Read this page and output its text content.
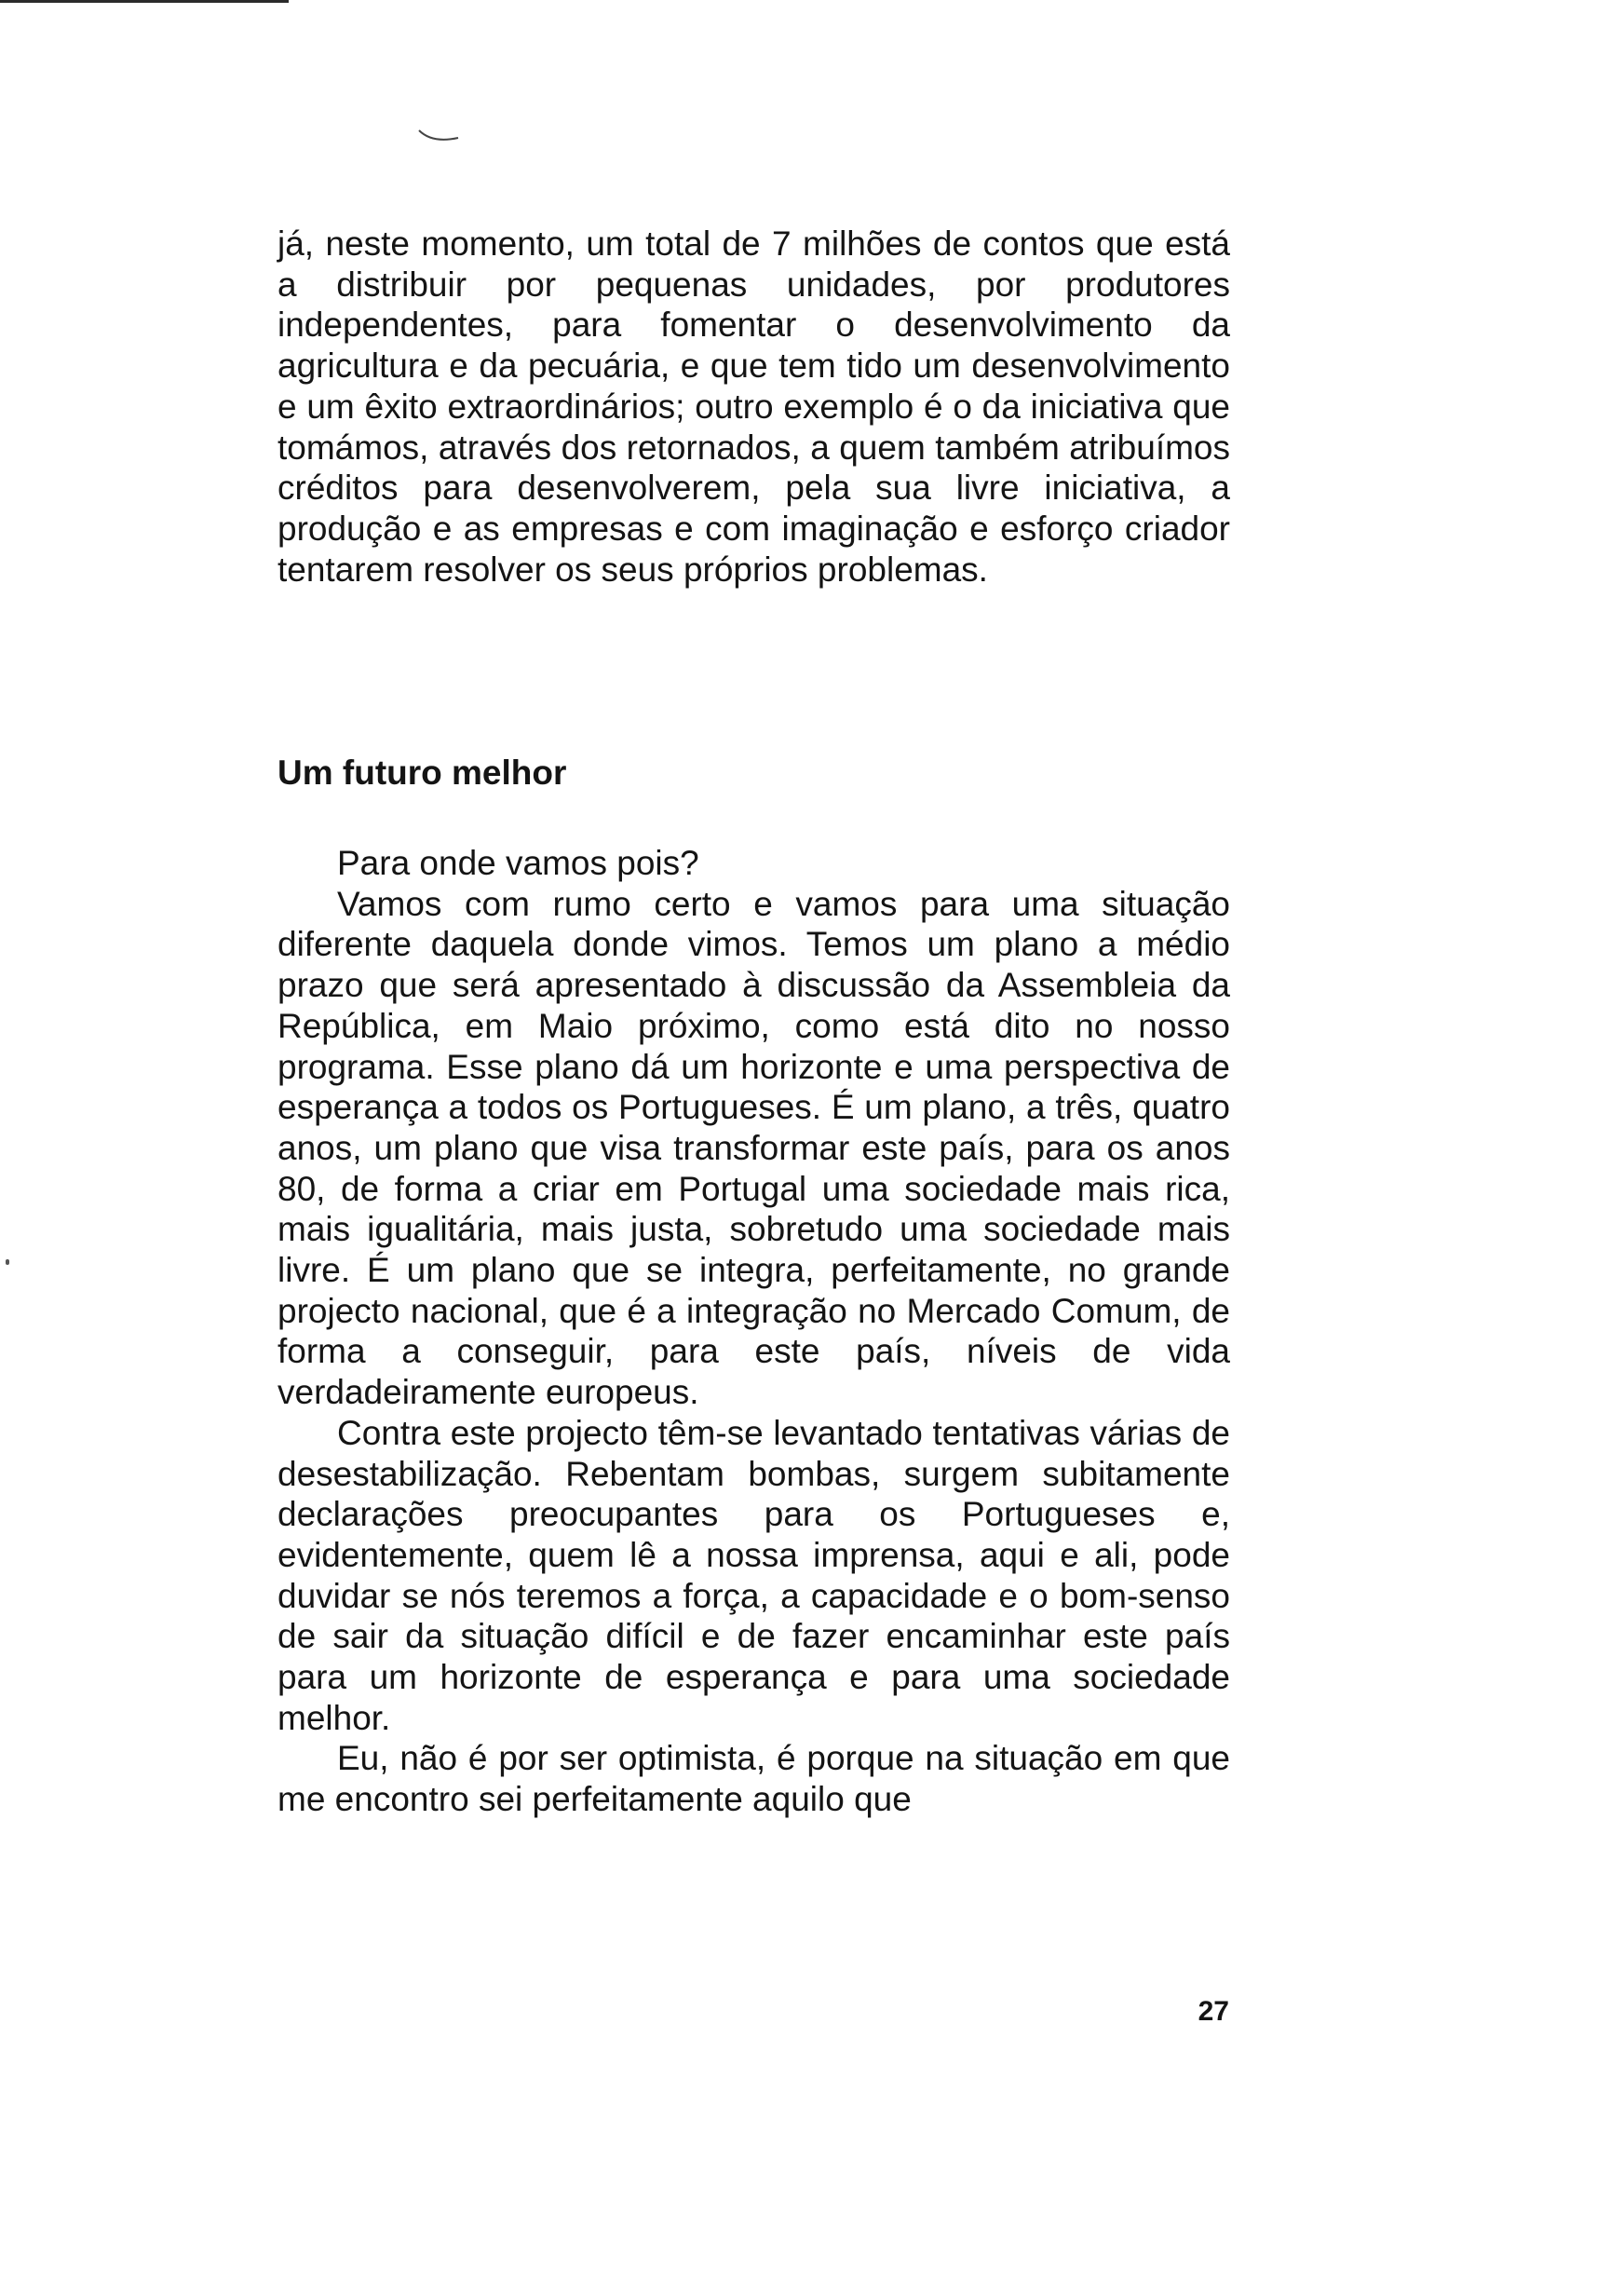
já, neste momento, um total de 7 milhões de contos que está a distribuir por pequenas unidades, por produtores independentes, para fomentar o desenvolvimento da agricultura e da pecuária, e que tem tido um desenvolvimento e um êxito extraordinários; outro exemplo é o da iniciativa que tomámos, através dos retornados, a quem também atribuímos créditos para desenvolverem, pela sua livre iniciativa, a produção e as empresas e com imaginação e esforço criador tentarem resolver os seus próprios problemas.

Um futuro melhor

Para onde vamos pois?

Vamos com rumo certo e vamos para uma situação diferente daquela donde vimos. Temos um plano a médio prazo que será apresentado à discussão da Assembleia da República, em Maio próximo, como está dito no nosso programa. Esse plano dá um horizonte e uma perspectiva de esperança a todos os Portugueses. É um plano, a três, quatro anos, um plano que visa transformar este país, para os anos 80, de forma a criar em Portugal uma sociedade mais rica, mais igualitária, mais justa, sobretudo uma sociedade mais livre. É um plano que se integra, perfeitamente, no grande projecto nacional, que é a integração no Mercado Comum, de forma a conseguir, para este país, níveis de vida verdadeiramente europeus.

Contra este projecto têm-se levantado tentativas várias de desestabilização. Rebentam bombas, surgem subitamente declarações preocupantes para os Portugueses e, evidentemente, quem lê a nossa imprensa, aqui e ali, pode duvidar se nós teremos a força, a capacidade e o bom-senso de sair da situação difícil e de fazer encaminhar este país para um horizonte de esperança e para uma sociedade melhor.

Eu, não é por ser optimista, é porque na situação em que me encontro sei perfeitamente aquilo que

27
